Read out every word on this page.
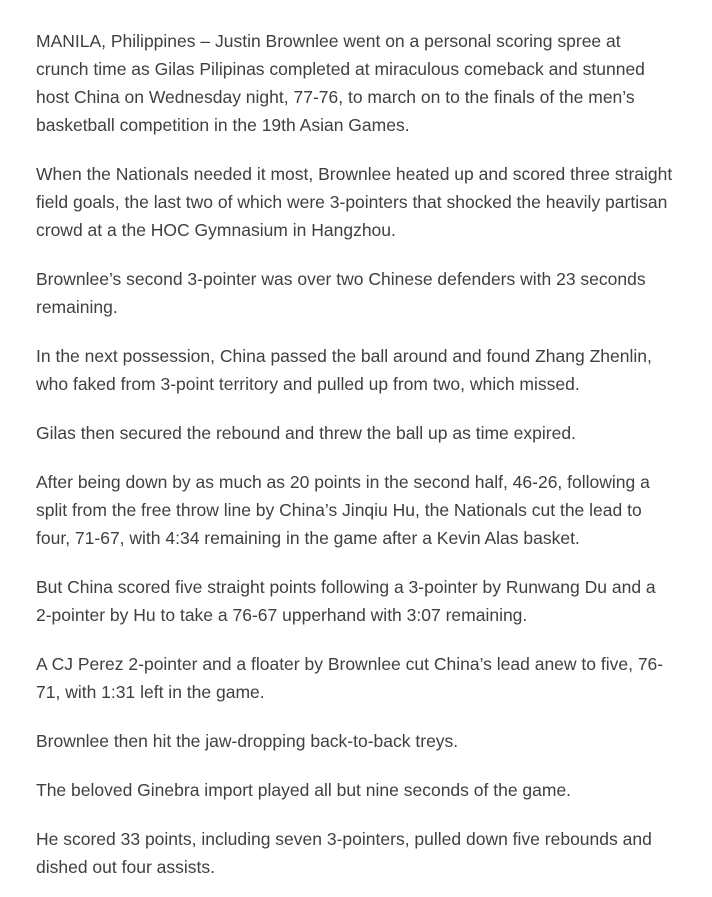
MANILA, Philippines – Justin Brownlee went on a personal scoring spree at crunch time as Gilas Pilipinas completed at miraculous comeback and stunned host China on Wednesday night, 77-76, to march on to the finals of the men’s basketball competition in the 19th Asian Games.

When the Nationals needed it most, Brownlee heated up and scored three straight field goals, the last two of which were 3-pointers that shocked the heavily partisan crowd at a the HOC Gymnasium in Hangzhou.

Brownlee’s second 3-pointer was over two Chinese defenders with 23 seconds remaining.

In the next possession, China passed the ball around and found Zhang Zhenlin, who faked from 3-point territory and pulled up from two, which missed.

Gilas then secured the rebound and threw the ball up as time expired.

After being down by as much as 20 points in the second half, 46-26, following a split from the free throw line by China’s Jinqiu Hu, the Nationals cut the lead to four, 71-67, with 4:34 remaining in the game after a Kevin Alas basket.

But China scored five straight points following a 3-pointer by Runwang Du and a 2-pointer by Hu to take a 76-67 upperhand with 3:07 remaining.

A CJ Perez 2-pointer and a floater by Brownlee cut China’s lead anew to five, 76-71, with 1:31 left in the game.

Brownlee then hit the jaw-dropping back-to-back treys.

The beloved Ginebra import played all but nine seconds of the game.

He scored 33 points, including seven 3-pointers, pulled down five rebounds and dished out four assists.
